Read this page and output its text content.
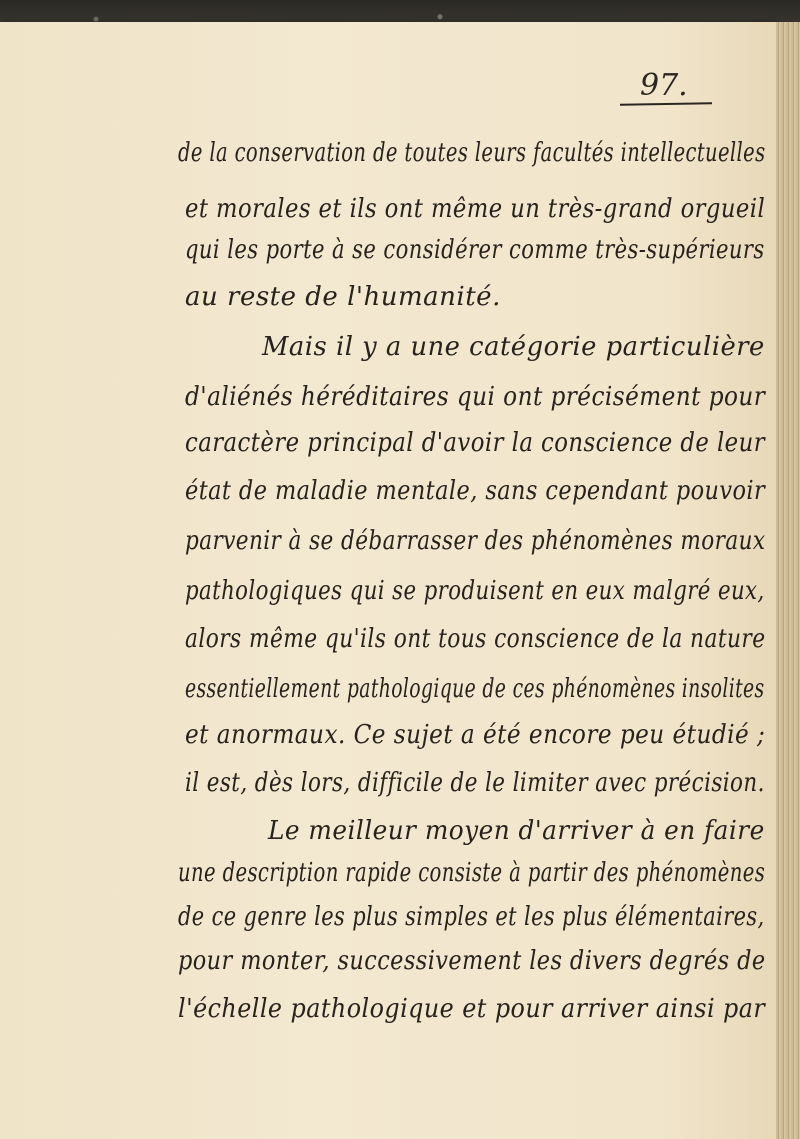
97.
de la conservation de toutes leurs facultés intellectuelles
et morales et ils ont même un très-grand orgueil
qui les porte à se considérer comme très-supérieurs
au reste de l'humanité.
Mais il y a une catégorie particulière
d'aliénés héréditaires qui ont précisément pour
caractère principal d'avoir la conscience de leur
état de maladie mentale, sans cependant pouvoir
parvenir à se débarrasser des phénomènes moraux
pathologiques qui se produisent en eux malgré eux,
alors même qu'ils ont tous conscience de la nature
essentiellement pathologique de ces phénomènes insolites
et anormaux. Ce sujet a été encore peu étudié ;
il est, dès lors, difficile de le limiter avec précision.
Le meilleur moyen d'arriver à en faire
une description rapide consiste à partir des phénomènes
de ce genre les plus simples et les plus élémentaires,
pour monter, successivement les divers degrés de
l'échelle pathologique et pour arriver ainsi par
